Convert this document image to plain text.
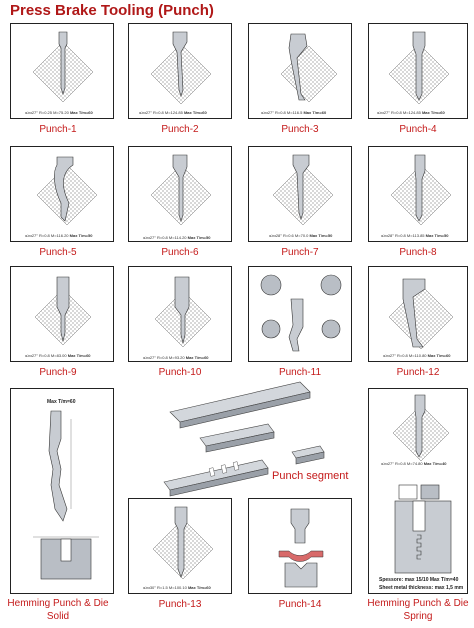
Press Brake Tooling (Punch)
α≥α27° R=0.25 M=75.20 Max T/m=60
Punch-1
α≥α27° R=0.8 M=124.85 Max T/m=60
Punch-2
α≥α27° R=0.8 M=116.5 Max T/m=60
Punch-3
α≥α27° R=0.8 M=124.85 Max T/m=60
Punch-4
α≥α27° R=0.8 M=116.20 Max T/m=50
Punch-5
α≥α27° R=0.8 M=114.20 Max T/m=50
Punch-6
α≥α28° R=0.6 M=70.0 Max T/m=50
Punch-7
α≥α28° R=0.8 M=113.85 Max T/m=50
Punch-8
α≥α27° R=0.8 M=83.00 Max T/m=60
Punch-9
α≥α27° R=0.8 M=93.20 Max T/m=60
Punch-10	Punch-11
α≥α27° R=0.8 M=110.80 Max T/m=60
Punch-12
Max T/m=60
Hemming Punch & Die
Solid
Punch segment
α≥α30° R=1.5 M=100.10 Max T/m=60
Punch-13	Punch-14
α≥α27° R=0.8 M=74.80 Max T/m=40
Spessore: max 15/10 Max T/m=40
Sheet metal thickness: max 1,5 mm
Hemming Punch & Die
Spring
